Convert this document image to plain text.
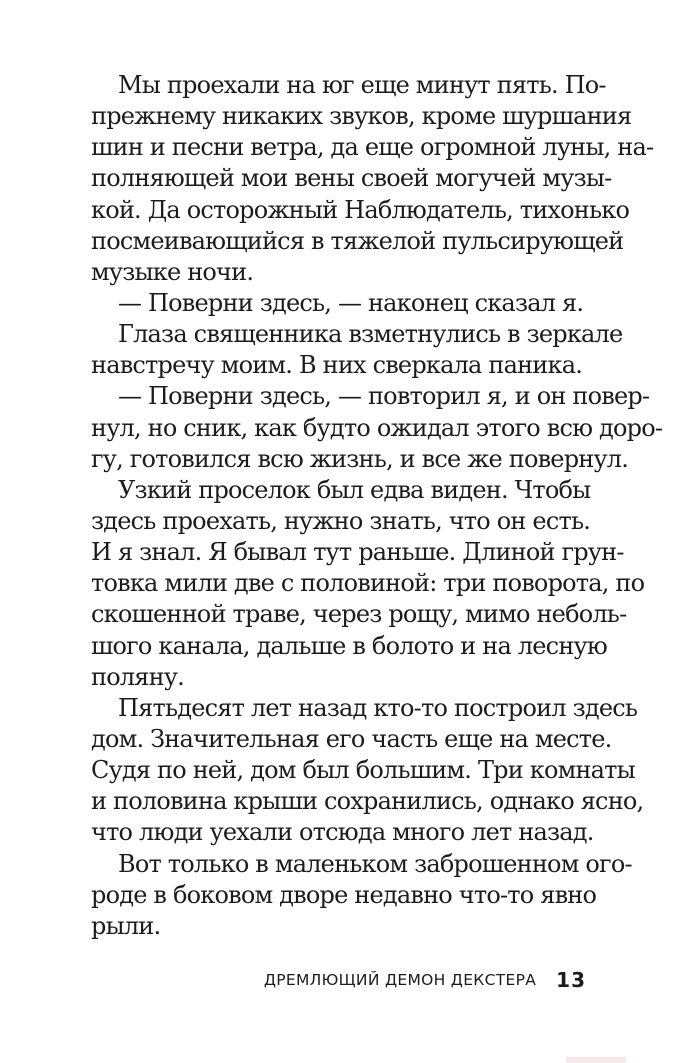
Мы проехали на юг еще минут пять. По-
прежнему никаких звуков, кроме шуршания
шин и песни ветра, да еще огромной луны, на-
полняющей мои вены своей могучей музы-
кой. Да осторожный Наблюдатель, тихонько
посмеивающийся в тяжелой пульсирующей
музыке ночи.
— Поверни здесь, — наконец сказал я.
Глаза священника взметнулись в зеркале
навстречу моим. В них сверкала паника.
— Поверни здесь, — повторил я, и он повер-
нул, но сник, как будто ожидал этого всю доро-
гу, готовился всю жизнь, и все же повернул.
Узкий проселок был едва виден. Чтобы
здесь проехать, нужно знать, что он есть.
И я знал. Я бывал тут раньше. Длиной грун-
товка мили две с половиной: три поворота, по
скошенной траве, через рощу, мимо неболь-
шого канала, дальше в болото и на лесную
поляну.
Пятьдесят лет назад кто-то построил здесь
дом. Значительная его часть еще на месте.
Судя по ней, дом был большим. Три комнаты
и половина крыши сохранились, однако ясно,
что люди уехали отсюда много лет назад.
Вот только в маленьком заброшенном ого-
роде в боковом дворе недавно что-то явно
рыли.
ДРЕМЛЮЩИЙ ДЕМОН ДЕКСТЕРА 13
